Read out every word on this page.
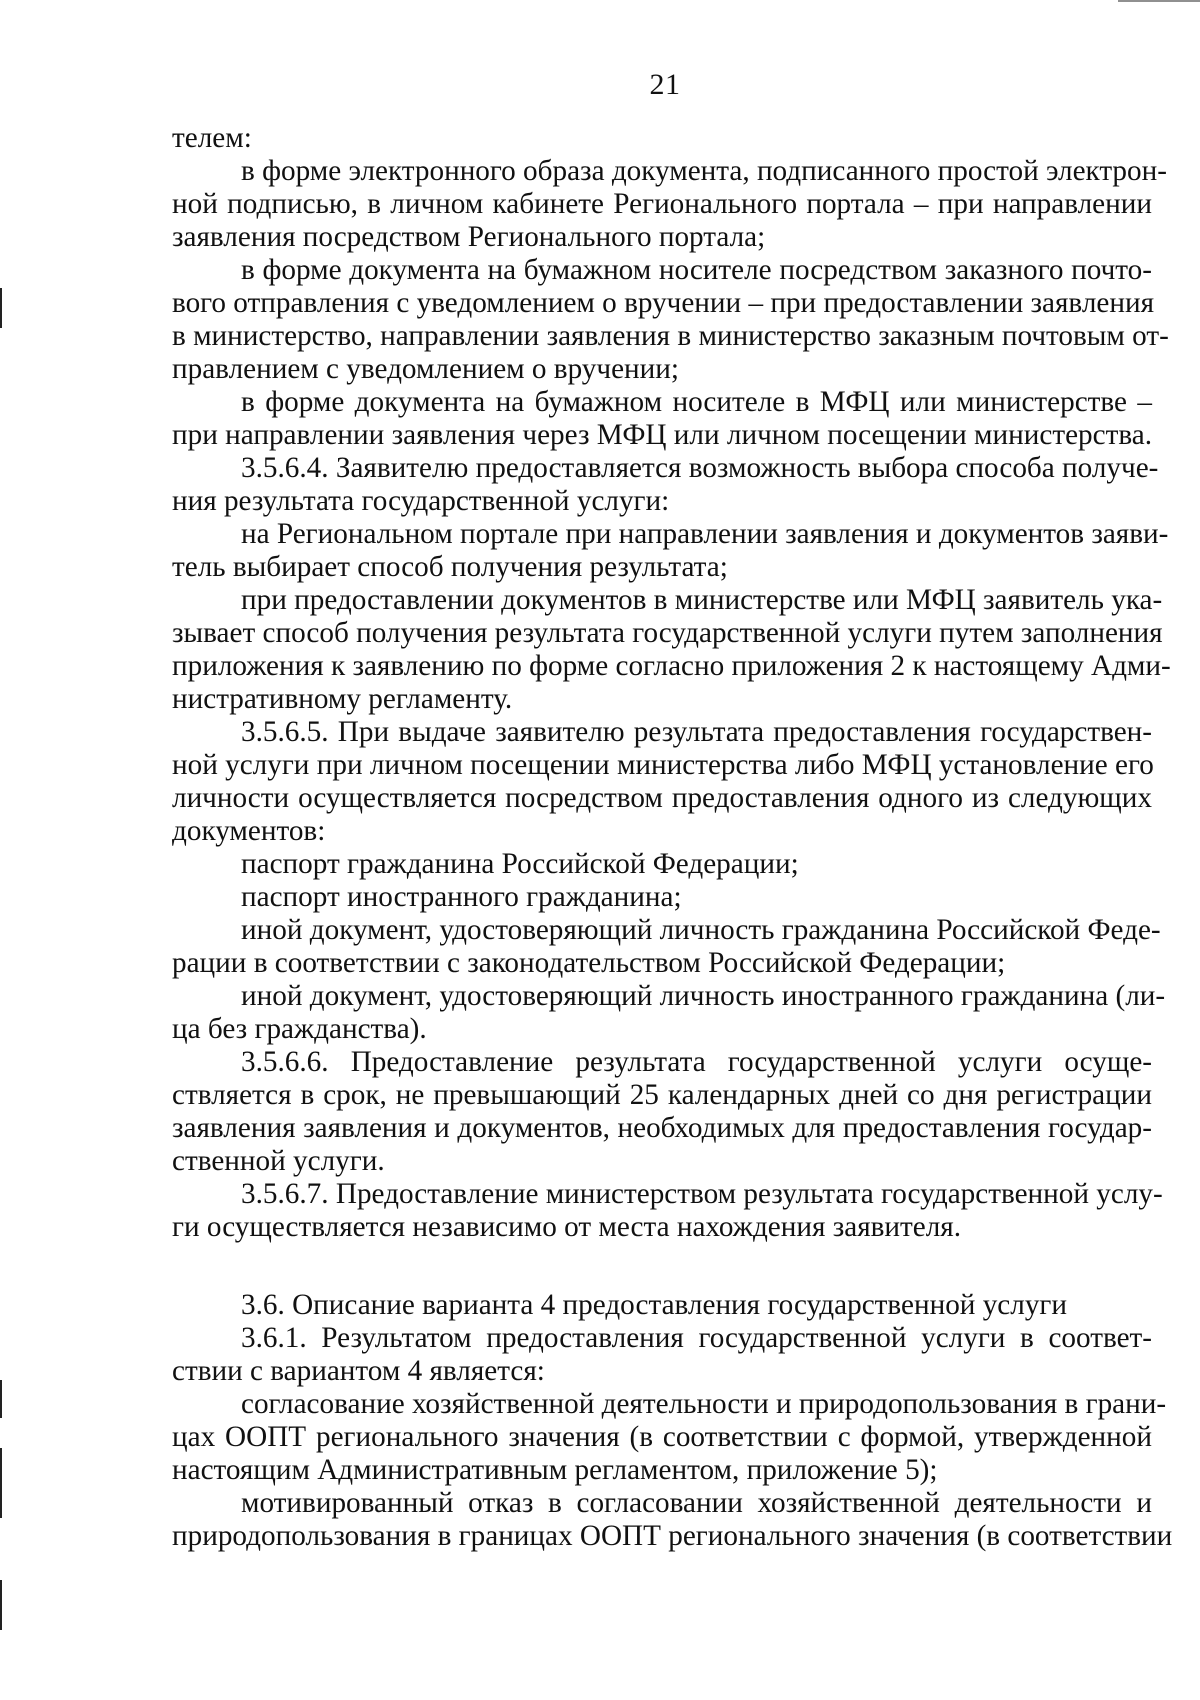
21
телем:
в форме электронного образа документа, подписанного простой электрон-
ной подписью, в личном кабинете Регионального портала – при направлении
заявления посредством Регионального портала;
в форме документа на бумажном носителе посредством заказного почто-
вого отправления с уведомлением о вручении – при предоставлении заявления
в министерство, направлении заявления в министерство заказным почтовым от-
правлением с уведомлением о вручении;
в форме документа на бумажном носителе в МФЦ или министерстве –
при направлении заявления через МФЦ или личном посещении министерства.
3.5.6.4. Заявителю предоставляется возможность выбора способа получе-
ния результата государственной услуги:
на Региональном портале при направлении заявления и документов заяви-
тель выбирает способ получения результата;
при предоставлении документов в министерстве или МФЦ заявитель ука-
зывает способ получения результата государственной услуги путем заполнения
приложения к заявлению по форме согласно приложения 2 к настоящему Адми-
нистративному регламенту.
3.5.6.5. При выдаче заявителю результата предоставления государствен-
ной услуги при личном посещении министерства либо МФЦ установление его
личности осуществляется посредством предоставления одного из следующих
документов:
паспорт гражданина Российской Федерации;
паспорт иностранного гражданина;
иной документ, удостоверяющий личность гражданина Российской Феде-
рации в соответствии с законодательством Российской Федерации;
иной документ, удостоверяющий личность иностранного гражданина (ли-
ца без гражданства).
3.5.6.6. Предоставление результата государственной услуги осуще-
ствляется в срок, не превышающий 25 календарных дней со дня регистрации
заявления заявления и документов, необходимых для предоставления государ-
ственной услуги.
3.5.6.7. Предоставление министерством результата государственной услу-
ги осуществляется независимо от места нахождения заявителя.
3.6. Описание варианта 4 предоставления государственной услуги
3.6.1. Результатом предоставления государственной услуги в соответ-
ствии с вариантом 4 является:
согласование хозяйственной деятельности и природопользования в грани-
цах ООПТ регионального значения (в соответствии с формой, утвержденной
настоящим Административным регламентом, приложение 5);
мотивированный отказ в согласовании хозяйственной деятельности и
природопользования в границах ООПТ регионального значения (в соответствии
